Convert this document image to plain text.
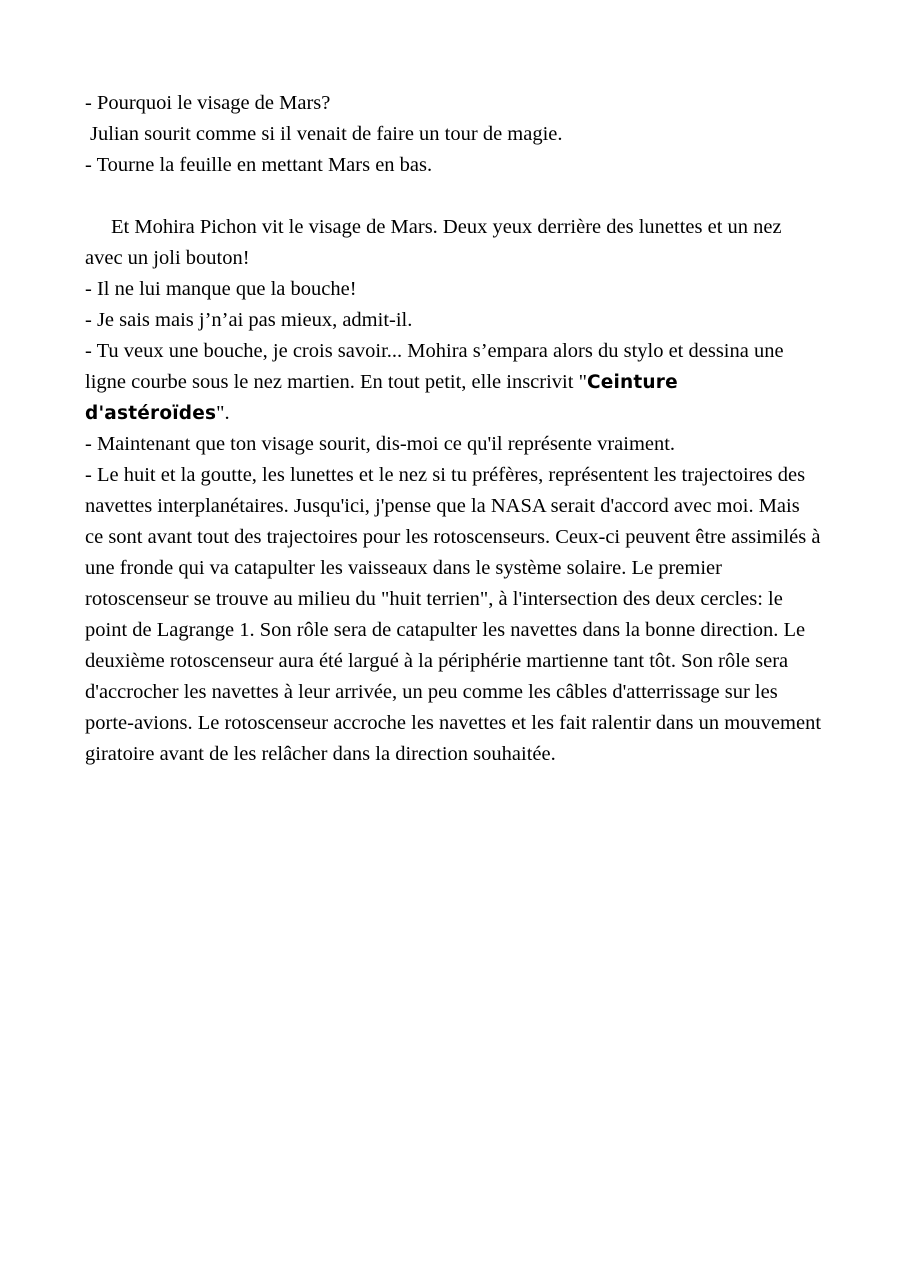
- Pourquoi le visage de Mars?

Julian sourit comme si il venait de faire un tour de magie.

- Tourne la feuille en mettant Mars en bas.

Et Mohira Pichon vit le visage de Mars. Deux yeux derrière des lunettes et un nez avec un joli bouton!

- Il ne lui manque que la bouche!

- Je sais mais j’n’ai pas mieux, admit-il.

- Tu veux une bouche, je crois savoir... Mohira s’empara alors du stylo et dessina une ligne courbe sous le nez martien. En tout petit, elle inscrivit "Ceinture d'astéroïdes".

- Maintenant que ton visage sourit, dis-moi ce qu'il représente vraiment.

- Le huit et la goutte, les lunettes et le nez si tu préfères, représentent les trajectoires des navettes interplanétaires. Jusqu'ici, j'pense que la NASA serait d'accord avec moi. Mais ce sont avant tout des trajectoires pour les rotoscenseurs. Ceux-ci peuvent être assimilés à une fronde qui va catapulter les vaisseaux dans le système solaire. Le premier rotoscenseur se trouve au milieu du "huit terrien", à l'intersection des deux cercles: le point de Lagrange 1. Son rôle sera de catapulter les navettes dans la bonne direction. Le deuxième rotoscenseur aura été largué à la périphérie martienne tant tôt. Son rôle sera d'accrocher les navettes à leur arrivée, un peu comme les câbles d'atterrissage sur les porte-avions. Le rotoscenseur accroche les navettes et les fait ralentir dans un mouvement giratoire avant de les relâcher dans la direction souhaitée.
